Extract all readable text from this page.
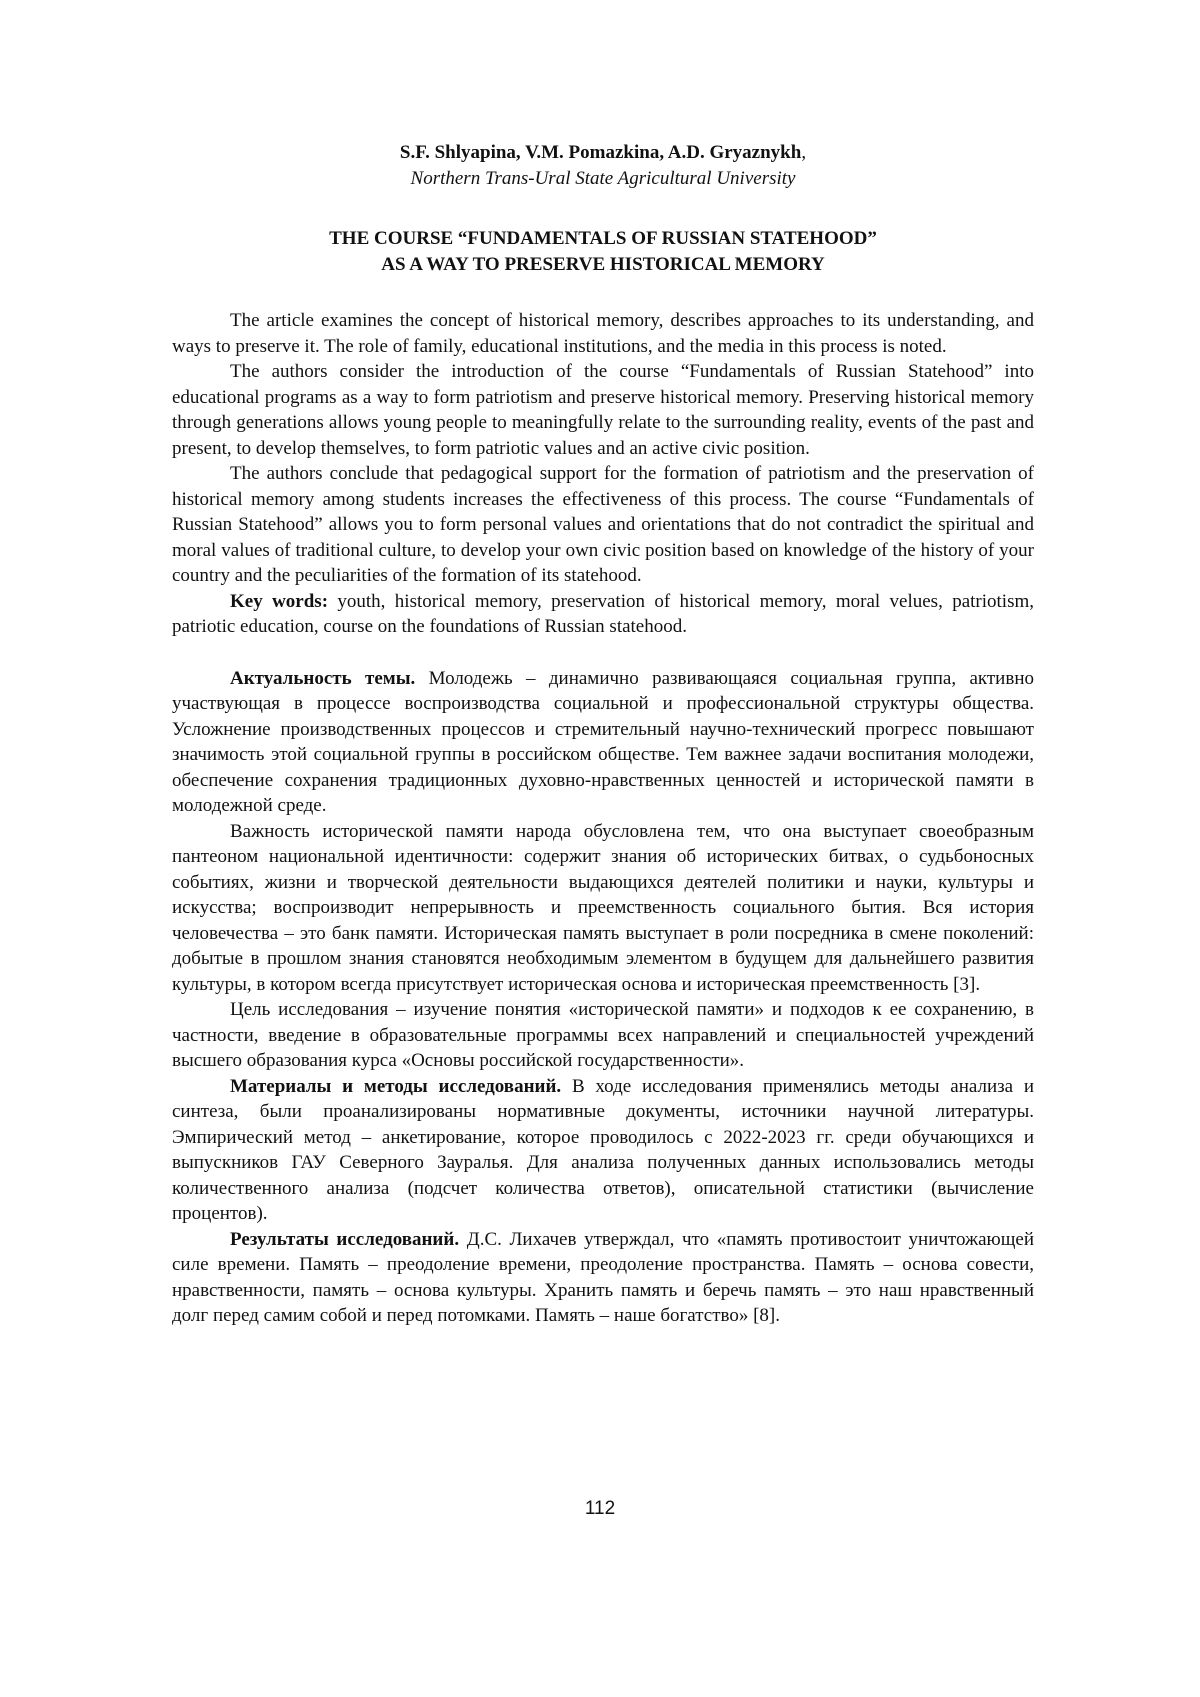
S.F. Shlyapina, V.M. Pomazkina, A.D. Gryaznykh,

Northern Trans-Ural State Agricultural University

THE COURSE “FUNDAMENTALS OF RUSSIAN STATEHOOD”
AS A WAY TO PRESERVE HISTORICAL MEMORY

The article examines the concept of historical memory, describes approaches to its understanding, and ways to preserve it. The role of family, educational institutions, and the media in this process is noted.

The authors consider the introduction of the course “Fundamentals of Russian Statehood” into educational programs as a way to form patriotism and preserve historical memory. Preserving historical memory through generations allows young people to meaningfully relate to the surrounding reality, events of the past and present, to develop themselves, to form patriotic values and an active civic position.

The authors conclude that pedagogical support for the formation of patriotism and the preservation of historical memory among students increases the effectiveness of this process. The course “Fundamentals of Russian Statehood” allows you to form personal values and orientations that do not contradict the spiritual and moral values of traditional culture, to develop your own civic position based on knowledge of the history of your country and the peculiarities of the formation of its statehood.

Key words: youth, historical memory, preservation of historical memory, moral velues, patriotism, patriotic education, course on the foundations of Russian statehood.

Актуальность темы. Молодежь – динамично развивающаяся социальная группа, активно участвующая в процессе воспроизводства социальной и профессиональной структуры общества. Усложнение производственных процессов и стремительный научно-технический прогресс повышают значимость этой социальной группы в российском обществе. Тем важнее задачи воспитания молодежи, обеспечение сохранения традиционных духовно-нравственных ценностей и исторической памяти в молодежной среде.

Важность исторической памяти народа обусловлена тем, что она выступает своеобразным пантеоном национальной идентичности: содержит знания об исторических битвах, о судьбоносных событиях, жизни и творческой деятельности выдающихся деятелей политики и науки, культуры и искусства; воспроизводит непрерывность и преемственность социального бытия. Вся история человечества – это банк памяти. Историческая память выступает в роли посредника в смене поколений: добытые в прошлом знания становятся необходимым элементом в будущем для дальнейшего развития культуры, в котором всегда присутствует историческая основа и историческая преемственность [3].

Цель исследования – изучение понятия «исторической памяти» и подходов к ее сохранению, в частности, введение в образовательные программы всех направлений и специальностей учреждений высшего образования курса «Основы российской государственности».

Материалы и методы исследований. В ходе исследования применялись методы анализа и синтеза, были проанализированы нормативные документы, источники научной литературы. Эмпирический метод – анкетирование, которое проводилось с 2022-2023 гг. среди обучающихся и выпускников ГАУ Северного Зауралья. Для анализа полученных данных использовались методы количественного анализа (подсчет количества ответов), описательной статистики (вычисление процентов).

Результаты исследований. Д.С. Лихачев утверждал, что «память противостоит уничтожающей силе времени. Память – преодоление времени, преодоление пространства. Память – основа совести, нравственности, память – основа культуры. Хранить память и беречь память – это наш нравственный долг перед самим собой и перед потомками. Память – наше богатство» [8].

112
